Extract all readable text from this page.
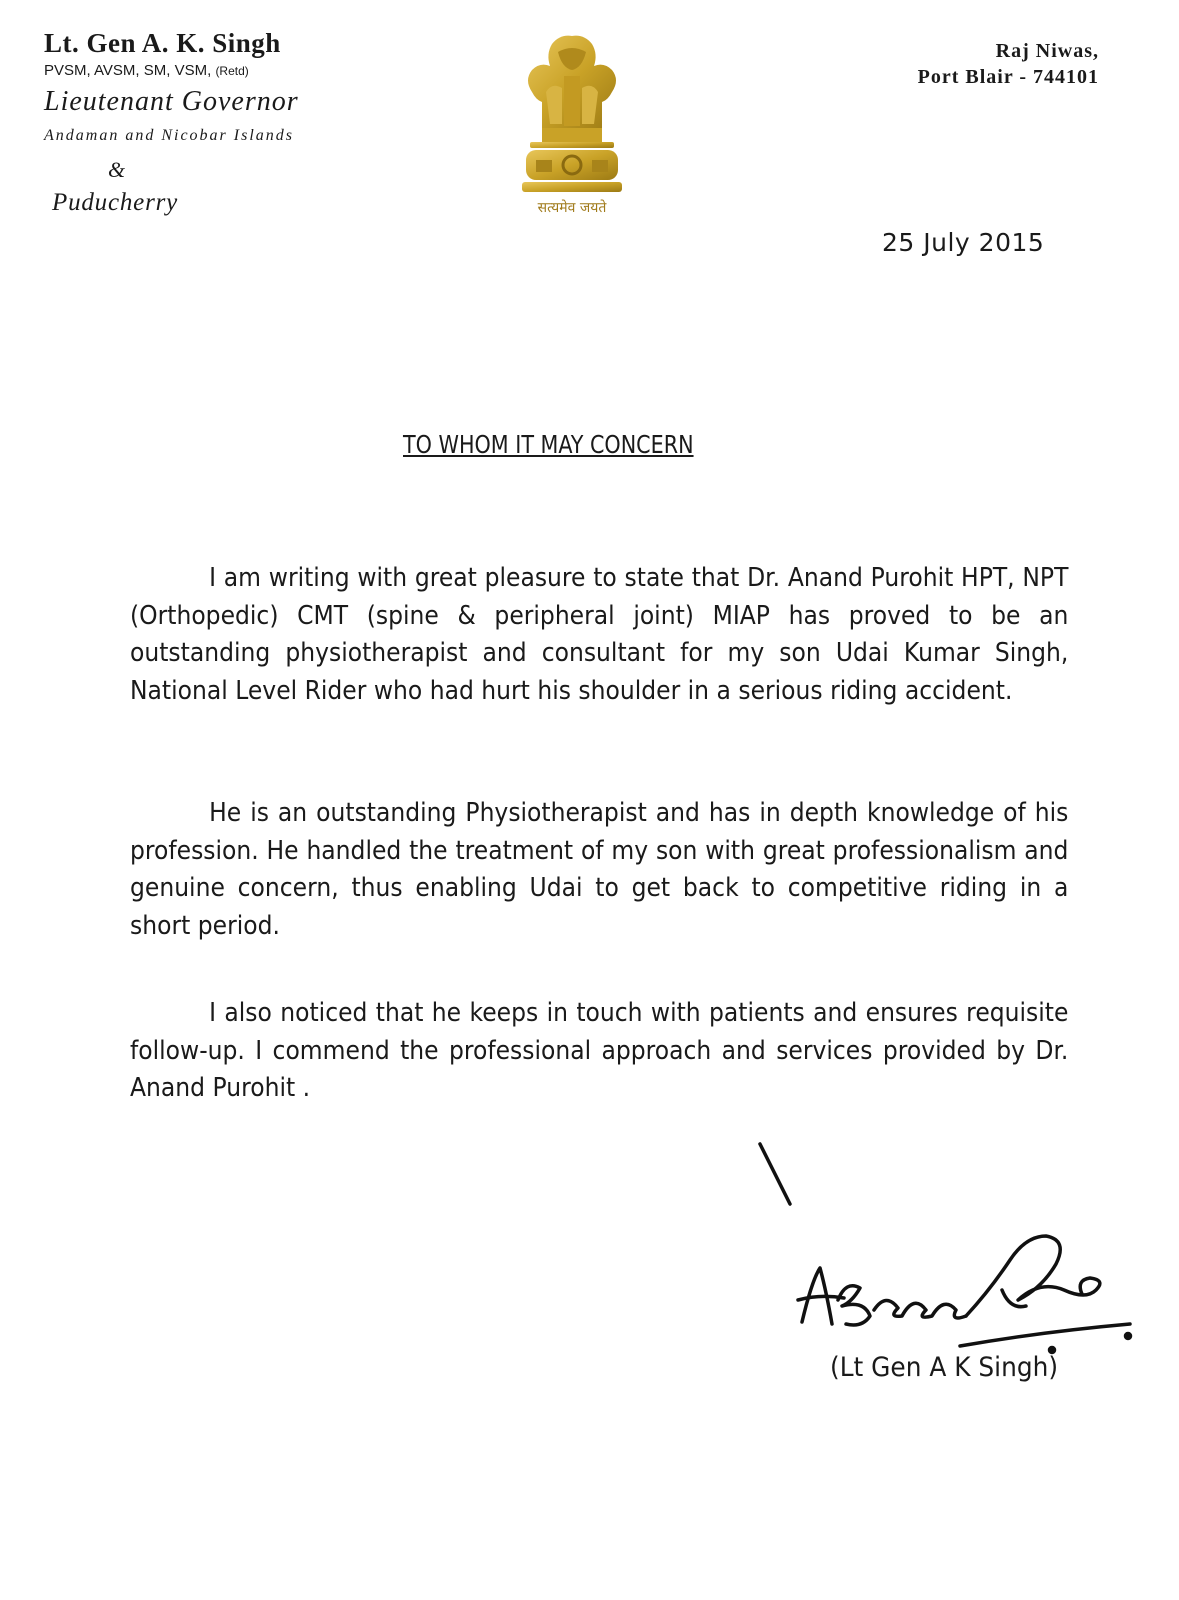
Lt. Gen A. K. Singh
PVSM, AVSM, SM, VSM, (Retd)
Lieutenant Governor
Andaman and Nicobar Islands
&
Puducherry	सत्यमेव जयते
Raj Niwas,
Port Blair - 744101
25 July 2015
TO WHOM IT MAY CONCERN
I am writing with great pleasure to state that Dr. Anand Purohit HPT, NPT (Orthopedic) CMT (spine & peripheral joint) MIAP has proved to be an outstanding physiotherapist and consultant for my son Udai Kumar Singh, National Level Rider who had hurt his shoulder in a serious riding accident.
He is an outstanding Physiotherapist and has in depth knowledge of his profession. He handled the treatment of my son with great professionalism and genuine concern, thus enabling Udai to get back to competitive riding in a short period.
I also noticed that he keeps in touch with patients and ensures requisite follow-up. I commend the professional approach and services provided by Dr. Anand Purohit .
(Lt Gen A K Singh)
